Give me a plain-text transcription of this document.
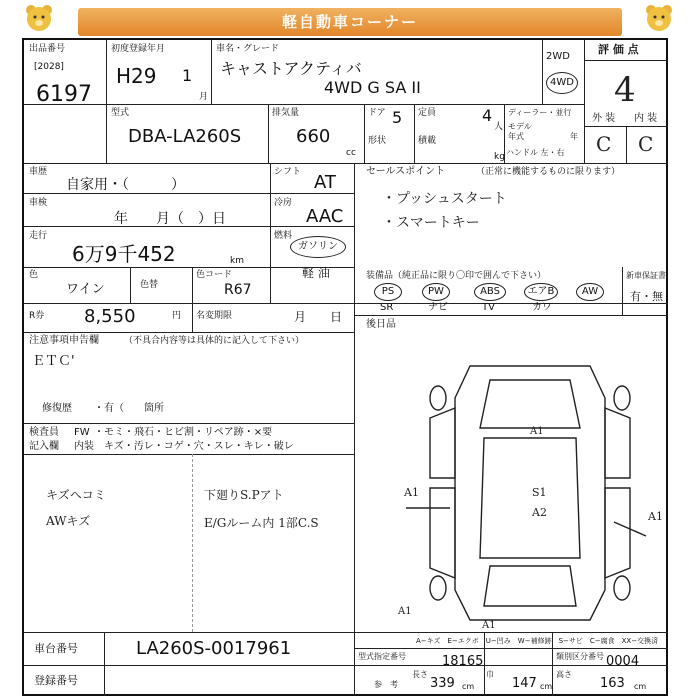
軽自動車コーナー
出品番号
[2028]
6197
初度登録年月
H29 1
月
車名・グレード
キャストアクティバ
4WD G SA II
2WD
4WD
評 価 点
4
外 装 内 装
C C
型式
DBA-LA260S
排気量
660
cc
ドア 5
形状
定員	4
人
積載
kg
ディーラー・並行
モデル
年式	年
ハンドル 左・右
車歴
自家用・（　　　）
シフト AT
車検
年　　月（　）日
冷房
AAC
走行
6万9千452	km
燃料
ガソリン
軽 油
色
ワイン	色替
色コード
R67
R券 8,550	円 名変期限	月　　日
注意事項申告欄	（不具合内容等は具体的に記入して下さい）
ＥＴＣ'
修復歴 ・有（　　箇所
検査員
記入欄
FW ・モミ・飛石・ヒビ割・リペア跡・×要
内装 キズ・汚レ・コゲ・穴・スレ・キレ・破レ
キズヘコミ
AWキズ
下廻りS.Pアト
E/Gルーム内 1部C.S
セールスポイント	（正常に機能するものに限ります）
・プッシュスタート
・スマートキー
装備品（純正品に限り〇印で囲んで下さい）
PS	PW	ABS	エアB	AW
SR	ナビ	TV	カワ
新車保証書
有・無
後日品
A1
A1
A1
S1
A2
A1
A1
A−キズ　E−エクボ　U−凹み　W−補修跡　S−サビ　C−腐食　XX−交換済
車台番号	LA260S-0017961
登録番号
型式指定番号	18165	類別区分番号 0004
参　考
長さ
339 cm
巾
147 cm
高さ
163 cm
